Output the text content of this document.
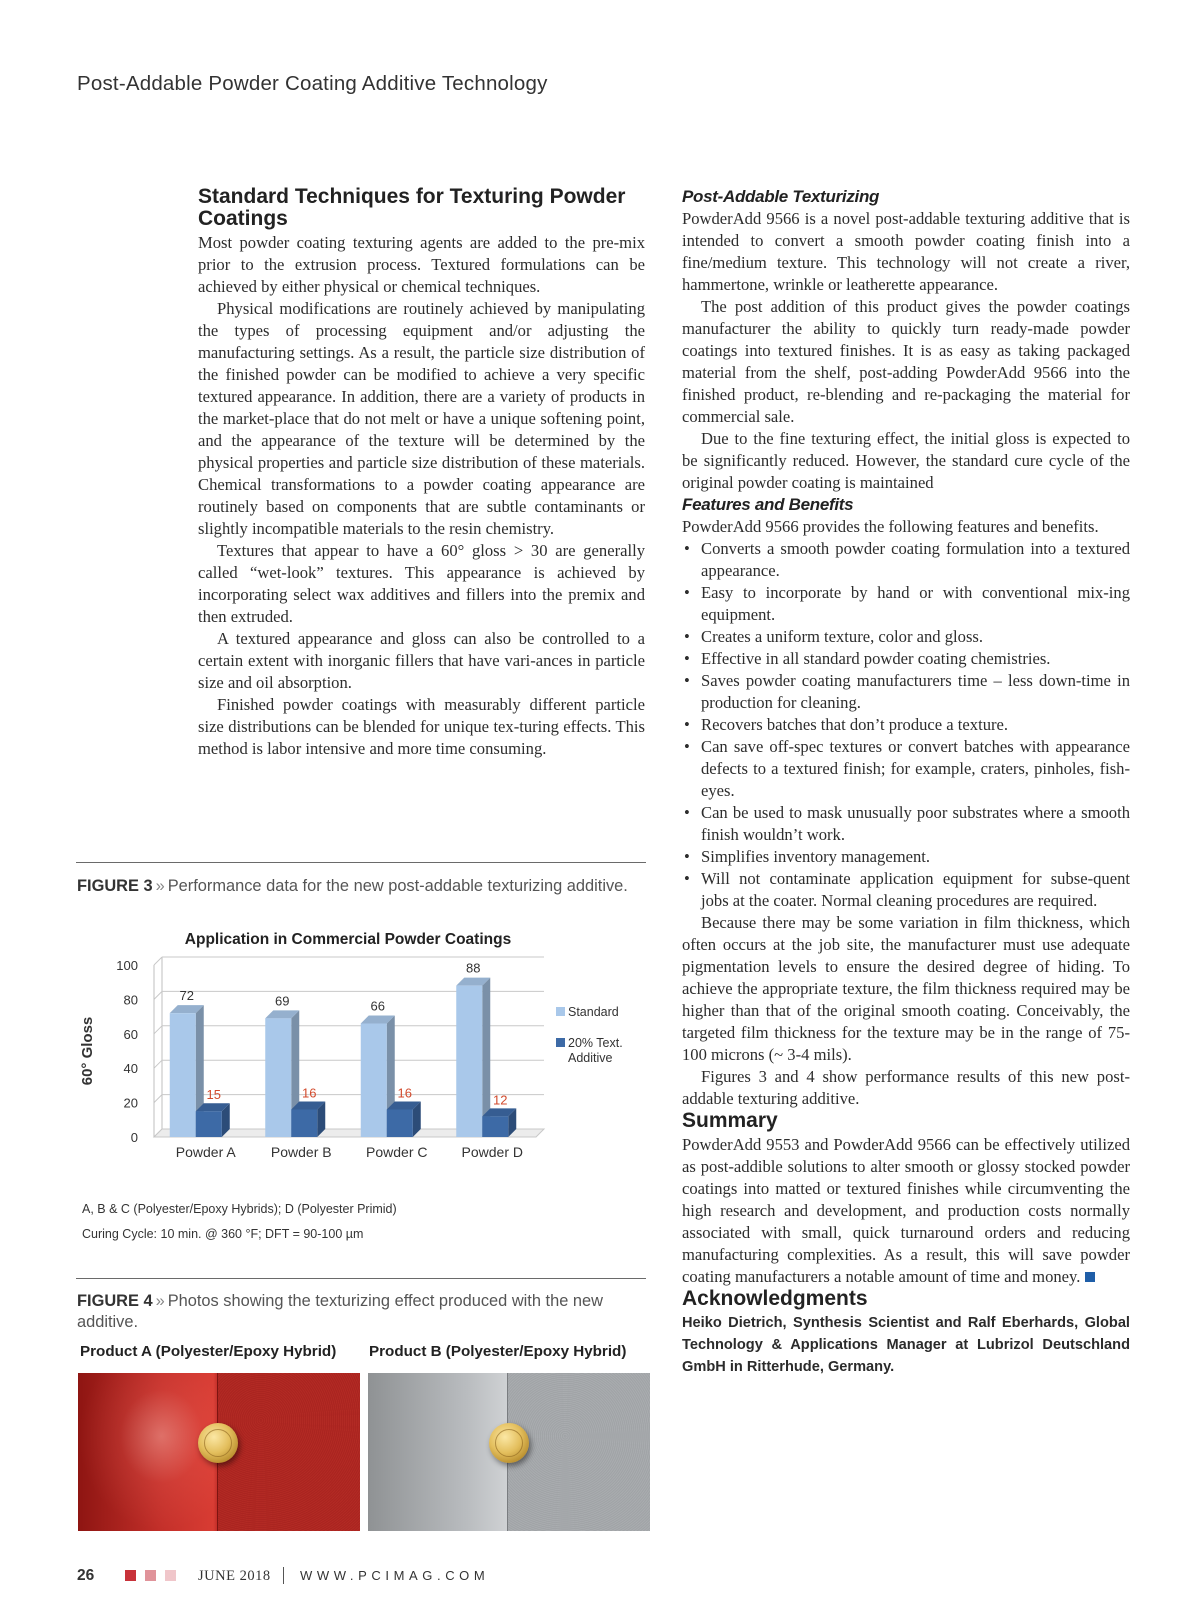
Post-Addable Powder Coating Additive Technology
Standard Techniques for Texturing Powder Coatings

Most powder coating texturing agents are added to the pre-mix prior to the extrusion process. Textured formulations can be achieved by either physical or chemical techniques.

Physical modifications are routinely achieved by manipulating the types of processing equipment and/or adjusting the manufacturing settings. As a result, the particle size distribution of the finished powder can be modified to achieve a very specific textured appearance. In addition, there are a variety of products in the market-place that do not melt or have a unique softening point, and the appearance of the texture will be determined by the physical properties and particle size distribution of these materials. Chemical transformations to a powder coating appearance are routinely based on components that are subtle contaminants or slightly incompatible materials to the resin chemistry.

Textures that appear to have a 60° gloss > 30 are generally called “wet-look” textures. This appearance is achieved by incorporating select wax additives and fillers into the premix and then extruded.

A textured appearance and gloss can also be controlled to a certain extent with inorganic fillers that have vari-ances in particle size and oil absorption.

Finished powder coatings with measurably different particle size distributions can be blended for unique tex-turing effects. This method is labor intensive and more time consuming.

FIGURE 3 » Performance data for the new post-addable texturizing additive.
Application in Commercial Powder Coatings
0
20
40
60
80
100
60° Gloss
72
15
Powder A
69
16
Powder B
66
16
Powder C
88
12
Powder D
Standard
20% Text.
Additive
A, B & C (Polyester/Epoxy Hybrids); D (Polyester Primid)
Curing Cycle: 10 min. @ 360 °F; DFT = 90-100 µm
FIGURE 4 » Photos showing the texturizing effect produced with the new additive.
Product A (Polyester/Epoxy Hybrid) Product B (Polyester/Epoxy Hybrid)
Post-Addable Texturizing

PowderAdd 9566 is a novel post-addable texturing additive that is intended to convert a smooth powder coating finish into a fine/medium texture. This technology will not create a river, hammertone, wrinkle or leatherette appearance.

The post addition of this product gives the powder coatings manufacturer the ability to quickly turn ready-made powder coatings into textured finishes. It is as easy as taking packaged material from the shelf, post-adding PowderAdd 9566 into the finished product, re-blending and re-packaging the material for commercial sale.

Due to the fine texturing effect, the initial gloss is expected to be significantly reduced. However, the standard cure cycle of the original powder coating is maintained

Features and Benefits

PowderAdd 9566 provides the following features and benefits.

• Converts a smooth powder coating formulation into a textured appearance.
• Easy to incorporate by hand or with conventional mix-ing equipment.
• Creates a uniform texture, color and gloss.
• Effective in all standard powder coating chemistries.
• Saves powder coating manufacturers time – less down-time in production for cleaning.
• Recovers batches that don’t produce a texture.
• Can save off-spec textures or convert batches with appearance defects to a textured finish; for example, craters, pinholes, fish-eyes.
• Can be used to mask unusually poor substrates where a smooth finish wouldn’t work.
• Simplifies inventory management.
• Will not contaminate application equipment for subse-quent jobs at the coater. Normal cleaning procedures are required.

Because there may be some variation in film thickness, which often occurs at the job site, the manufacturer must use adequate pigmentation levels to ensure the desired degree of hiding. To achieve the appropriate texture, the film thickness required may be higher than that of the original smooth coating. Conceivably, the targeted film thickness for the texture may be in the range of 75-100 microns (~ 3-4 mils).

Figures 3 and 4 show performance results of this new post-addable texturing additive.

Summary

PowderAdd 9553 and PowderAdd 9566 can be effectively utilized as post-addible solutions to alter smooth or glossy stocked powder coatings into matted or textured finishes while circumventing the high research and development, and production costs normally associated with small, quick turnaround orders and reducing manufacturing complexities. As a result, this will save powder coating manufacturers a notable amount of time and money.

Acknowledgments

Heiko Dietrich, Synthesis Scientist and Ralf Eberhards, Global Technology & Applications Manager at Lubrizol Deutschland GmbH in Ritterhude, Germany.

26	JUNE 2018 WWW.PCIMAG.COM
